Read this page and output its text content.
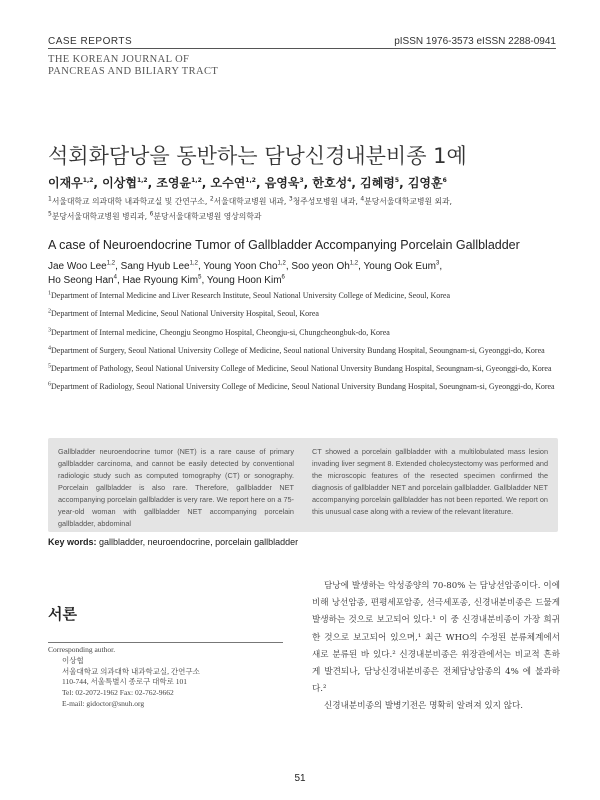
CASE REPORTS	pISSN 1976-3573 eISSN 2288-0941
THE KOREAN JOURNAL OF
PANCREAS AND BILIARY TRACT
석회화담낭을 동반하는 담낭신경내분비종 1예
이재우$^{1,2}$, 이상협$^{1,2}$, 조영윤$^{1,2}$, 오수연$^{1,2}$, 음영욱$^3$, 한호성$^4$, 김혜령$^5$, 김영훈$^6$
$^1$서울대학교 의과대학 내과학교실 및 간연구소, $^2$서울대학교병원 내과, $^3$청주성모병원 내과, $^4$분당서울대학교병원 외과,
$^5$분당서울대학교병원 병리과, $^6$분당서울대학교병원 영상의학과
A case of Neuroendocrine Tumor of Gallbladder Accompanying Porcelain Gallbladder
Jae Woo Lee$^{1,2}$, Sang Hyub Lee$^{1,2}$, Young Yoon Cho$^{1,2}$, Soo yeon Oh$^{1,2}$, Young Ook Eum$^3$,
Ho Seong Han$^4$, Hae Ryoung Kim$^5$, Young Hoon Kim$^6$

$^1$Department of Internal Medicine and Liver Research Institute, Seoul National University College of Medicine, Seoul, Korea

$^2$Department of Internal Medicine, Seoul National University Hospital, Seoul, Korea

$^3$Department of Internal medicine, Cheongju Seongmo Hospital, Cheongju-si, Chungcheongbuk-do, Korea

$^4$Department of Surgery, Seoul National University College of Medicine, Seoul national University Bundang Hospital, Seoungnam-si, Gyeonggi-do, Korea

$^5$Department of Pathology, Seoul National University College of Medicine, Seoul National Unversity Bundang Hospital, Seoungnam-si, Gyeonggi-do, Korea

$^6$Department of Radiology, Seoul National University College of Medicine, Seoul National University Bundang Hospital, Soeungnam-si, Gyeonggi-do, Korea

Gallbladder neuroendocrine tumor (NET) is a rare cause of primary gallbladder carcinoma, and cannot be easily detected by conventional radiologic study such as computed tomography (CT) or sonography. Porcelain gallbladder is also rare. Therefore, gallbladder NET accompanying porcelain gallbladder is very rare. We report here on a 75-year-old woman with gallbladder NET accompanying porcelain gallbladder, abdominal
CT showed a porcelain gallbladder with a multilobulated mass lesion invading liver segment 8. Extended cholecystectomy was performed and the microscopic features of the resected specimen confirmed the diagnosis of gallbladder NET and porcelain gallbladder. Gallbladder NET accompanying porcelain gallbladder has not been reported. We report on this unusual case along with a review of the relevant literature.
Key words: gallbladder, neuroendocrine, porcelain gallbladder
서론
Corresponding author.
이상협
서울대학교 의과대학 내과학교실, 간연구소
110-744, 서울특별시 종로구 대학로 101
Tel: 02-2072-1962 Fax: 02-762-9662
E-mail: gidoctor@snuh.org

담낭에 발생하는 악성종양의 70-80% 는 담낭선암종이다. 이에 비해 낭선암종, 편평세포암종, 선극세포종, 신경내분비종은 드물게 발생하는 것으로 보고되어 있다.¹ 이 중 신경내분비종이 가장 희귀한 것으로 보고되어 있으며,¹ 최근 WHO의 수정된 분류체계에서 새로 분류된 바 있다.² 신경내분비종은 위장관에서는 비교적 흔하게 발견되나, 담낭신경내분비종은 전체담낭암종의 4% 에 불과하다.²

신경내분비종의 발병기전은 명확히 알려져 있지 않다.

51
